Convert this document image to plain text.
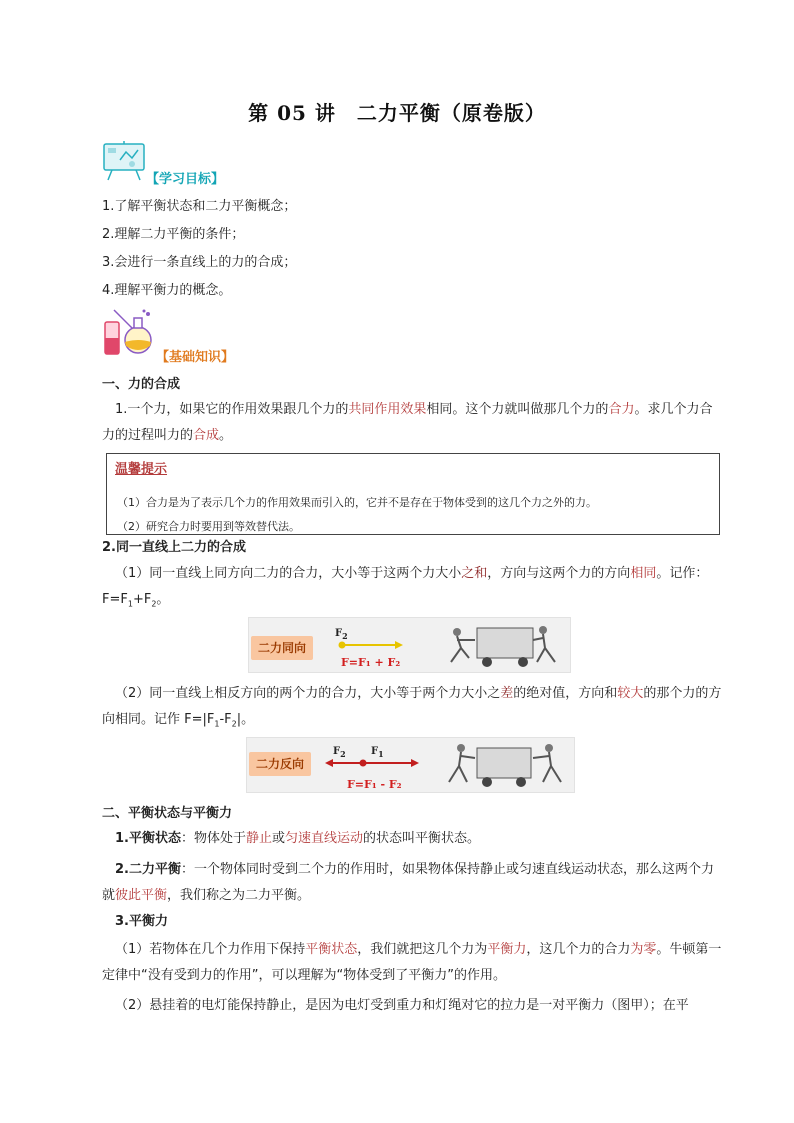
第 05 讲　二力平衡（原卷版）
【学习目标】
1.了解平衡状态和二力平衡概念；
2.理解二力平衡的条件；
3.会进行一条直线上的力的合成；
4.理解平衡力的概念。
【基础知识】
一、力的合成
1.一个力，如果它的作用效果跟几个力的共同作用效果相同。这个力就叫做那几个力的合力。求几个力合力的过程叫力的合成。
温馨提示
（1）合力是为了表示几个力的作用效果而引入的，它并不是存在于物体受到的这几个力之外的力。
（2）研究合力时要用到等效替代法。
2.同一直线上二力的合成
（1）同一直线上同方向二力的合力，大小等于这两个力大小之和，方向与这两个力的方向相同。记作：$F=F_1+F_2$。
二力同向
$F_2$
F=F₁ + F₂
（2）同一直线上相反方向的两个力的合力，大小等于两个力大小之差的绝对值，方向和较大的那个力的方向相同。记作 $F=|F_1-F_2|$。
二力反向
$F_2$	$F_1$
F=F₁ - F₂
二、平衡状态与平衡力
1.平衡状态：物体处于静止或匀速直线运动的状态叫平衡状态。
2.二力平衡：一个物体同时受到二个力的作用时，如果物体保持静止或匀速直线运动状态，那么这两个力就彼此平衡，我们称之为二力平衡。
3.平衡力
（1）若物体在几个力作用下保持平衡状态，我们就把这几个力为平衡力，这几个力的合力为零。牛顿第一定律中“没有受到力的作用”，可以理解为“物体受到了平衡力”的作用。
（2）悬挂着的电灯能保持静止，是因为电灯受到重力和灯绳对它的拉力是一对平衡力（图甲）；在平
